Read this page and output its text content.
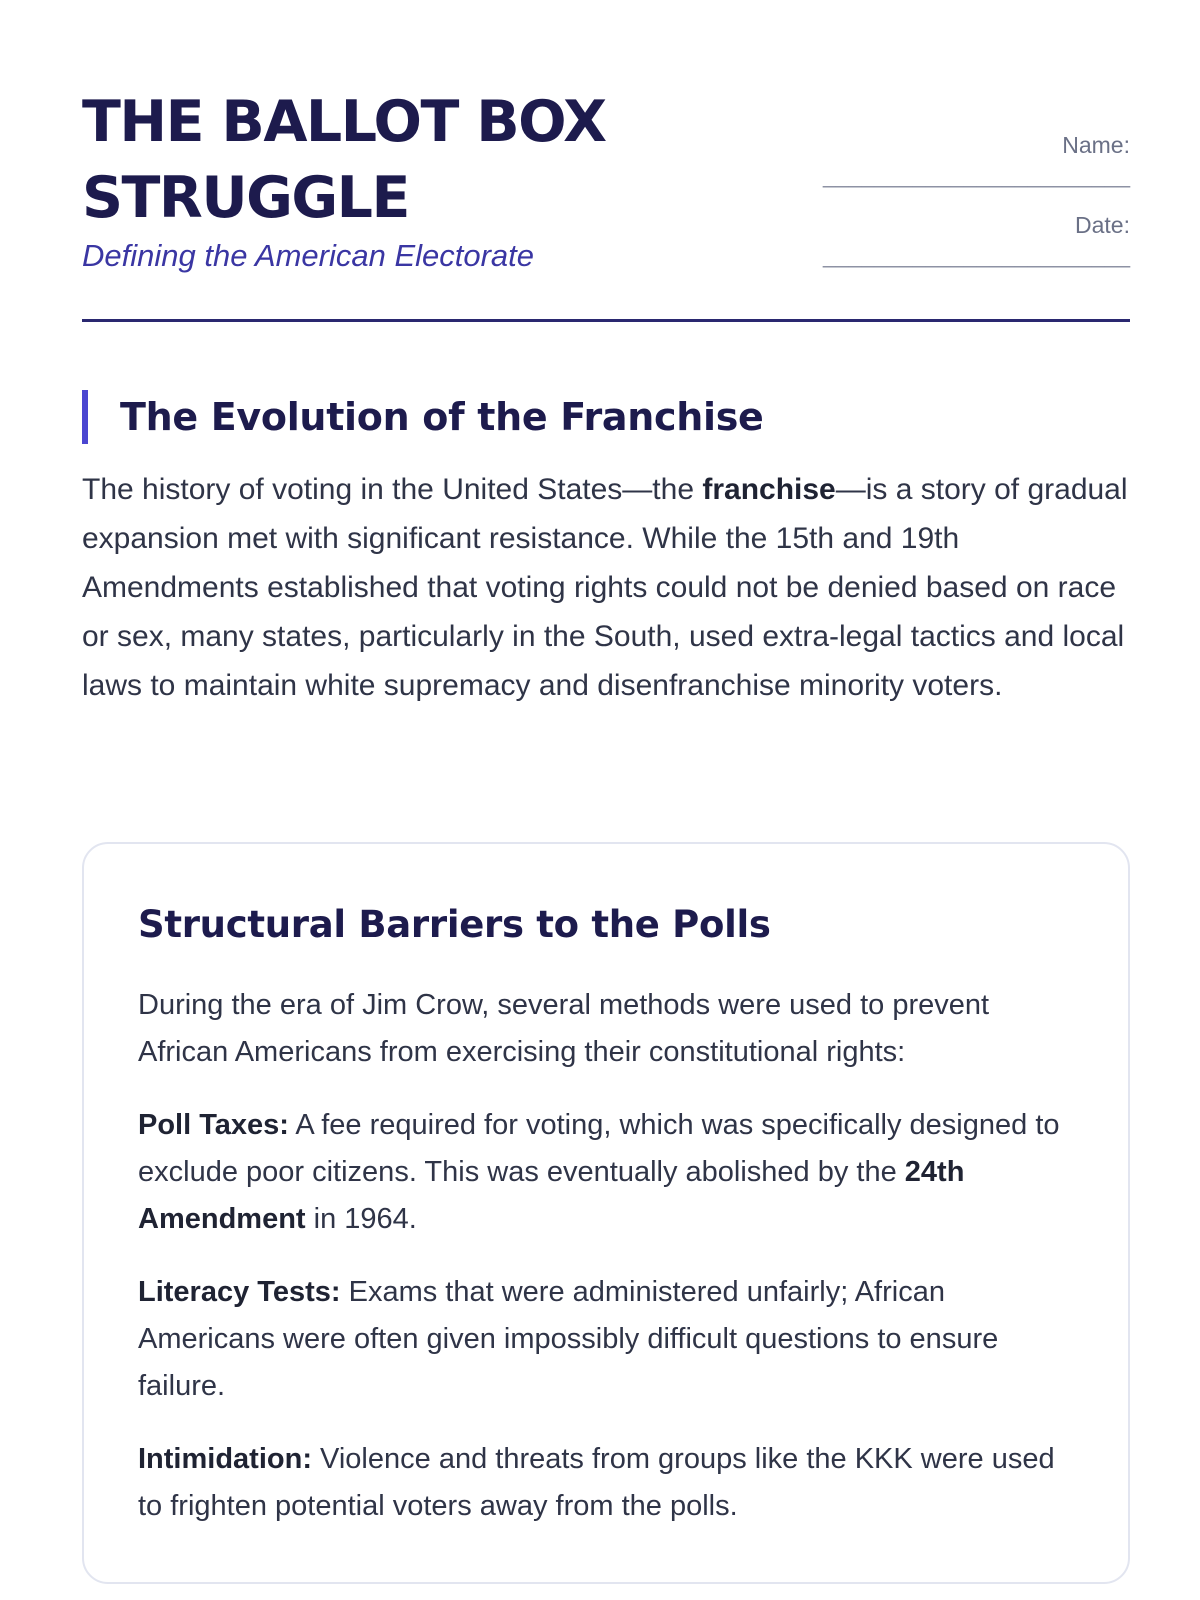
THE BALLOT BOX
STRUGGLE
Defining the American Electorate
Name:
________________________
Date:
________________________
The Evolution of the Franchise

The history of voting in the United States—the franchise—is a story of gradual expansion met with significant resistance. While the 15th and 19th Amendments established that voting rights could not be denied based on race or sex, many states, particularly in the South, used extra-legal tactics and local laws to maintain white supremacy and disenfranchise minority voters.

Structural Barriers to the Polls

During the era of Jim Crow, several methods were used to prevent African Americans from exercising their constitutional rights:

Poll Taxes: A fee required for voting, which was specifically designed to exclude poor citizens. This was eventually abolished by the 24th Amendment in 1964.

Literacy Tests: Exams that were administered unfairly; African Americans were often given impossibly difficult questions to ensure failure.

Intimidation: Violence and threats from groups like the KKK were used to frighten potential voters away from the polls.
